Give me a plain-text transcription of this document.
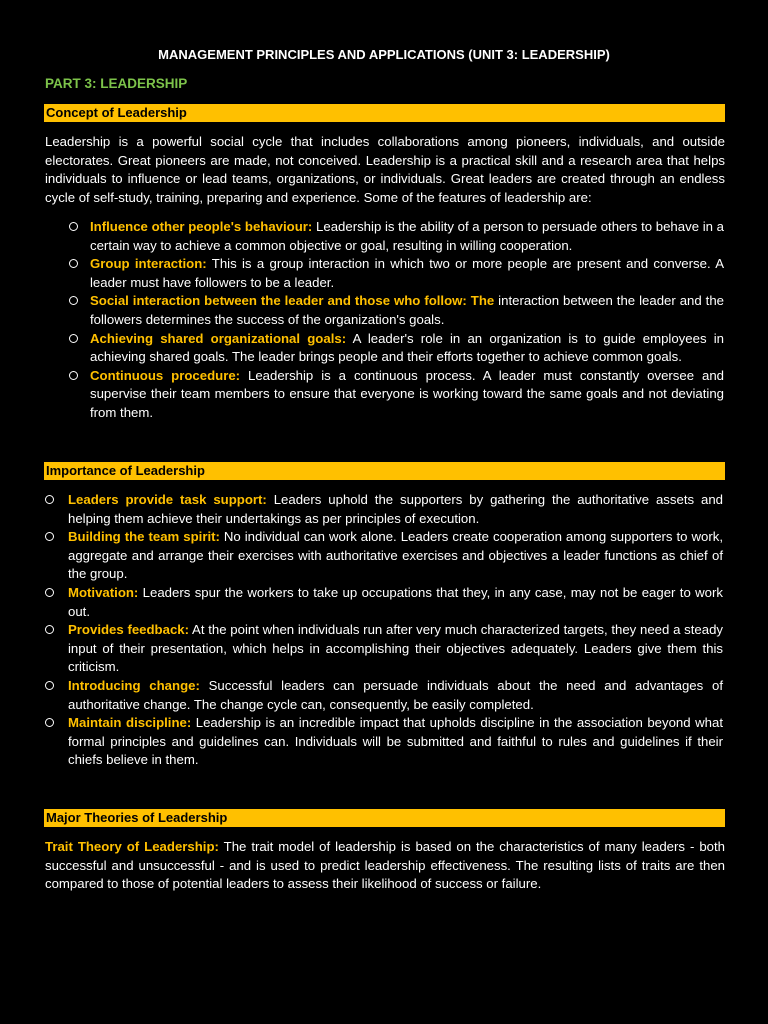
MANAGEMENT PRINCIPLES AND APPLICATIONS (UNIT 3: LEADERSHIP)
PART 3: LEADERSHIP
Concept of Leadership
Leadership is a powerful social cycle that includes collaborations among pioneers, individuals, and outside electorates. Great pioneers are made, not conceived. Leadership is a practical skill and a research area that helps individuals to influence or lead teams, organizations, or individuals. Great leaders are created through an endless cycle of self-study, training, preparing and experience. Some of the features of leadership are:
Influence other people's behaviour: Leadership is the ability of a person to persuade others to behave in a certain way to achieve a common objective or goal, resulting in willing cooperation.
Group interaction: This is a group interaction in which two or more people are present and converse. A leader must have followers to be a leader.
Social interaction between the leader and those who follow: The interaction between the leader and the followers determines the success of the organization's goals.
Achieving shared organizational goals: A leader's role in an organization is to guide employees in achieving shared goals. The leader brings people and their efforts together to achieve common goals.
Continuous procedure: Leadership is a continuous process. A leader must constantly oversee and supervise their team members to ensure that everyone is working toward the same goals and not deviating from them.
Importance of Leadership
Leaders provide task support: Leaders uphold the supporters by gathering the authoritative assets and helping them achieve their undertakings as per principles of execution.
Building the team spirit: No individual can work alone. Leaders create cooperation among supporters to work, aggregate and arrange their exercises with authoritative exercises and objectives a leader functions as chief of the group.
Motivation: Leaders spur the workers to take up occupations that they, in any case, may not be eager to work out.
Provides feedback: At the point when individuals run after very much characterized targets, they need a steady input of their presentation, which helps in accomplishing their objectives adequately. Leaders give them this criticism.
Introducing change: Successful leaders can persuade individuals about the need and advantages of authoritative change. The change cycle can, consequently, be easily completed.
Maintain discipline: Leadership is an incredible impact that upholds discipline in the association beyond what formal principles and guidelines can. Individuals will be submitted and faithful to rules and guidelines if their chiefs believe in them.
Major Theories of Leadership
Trait Theory of Leadership: The trait model of leadership is based on the characteristics of many leaders - both successful and unsuccessful - and is used to predict leadership effectiveness. The resulting lists of traits are then compared to those of potential leaders to assess their likelihood of success or failure.
